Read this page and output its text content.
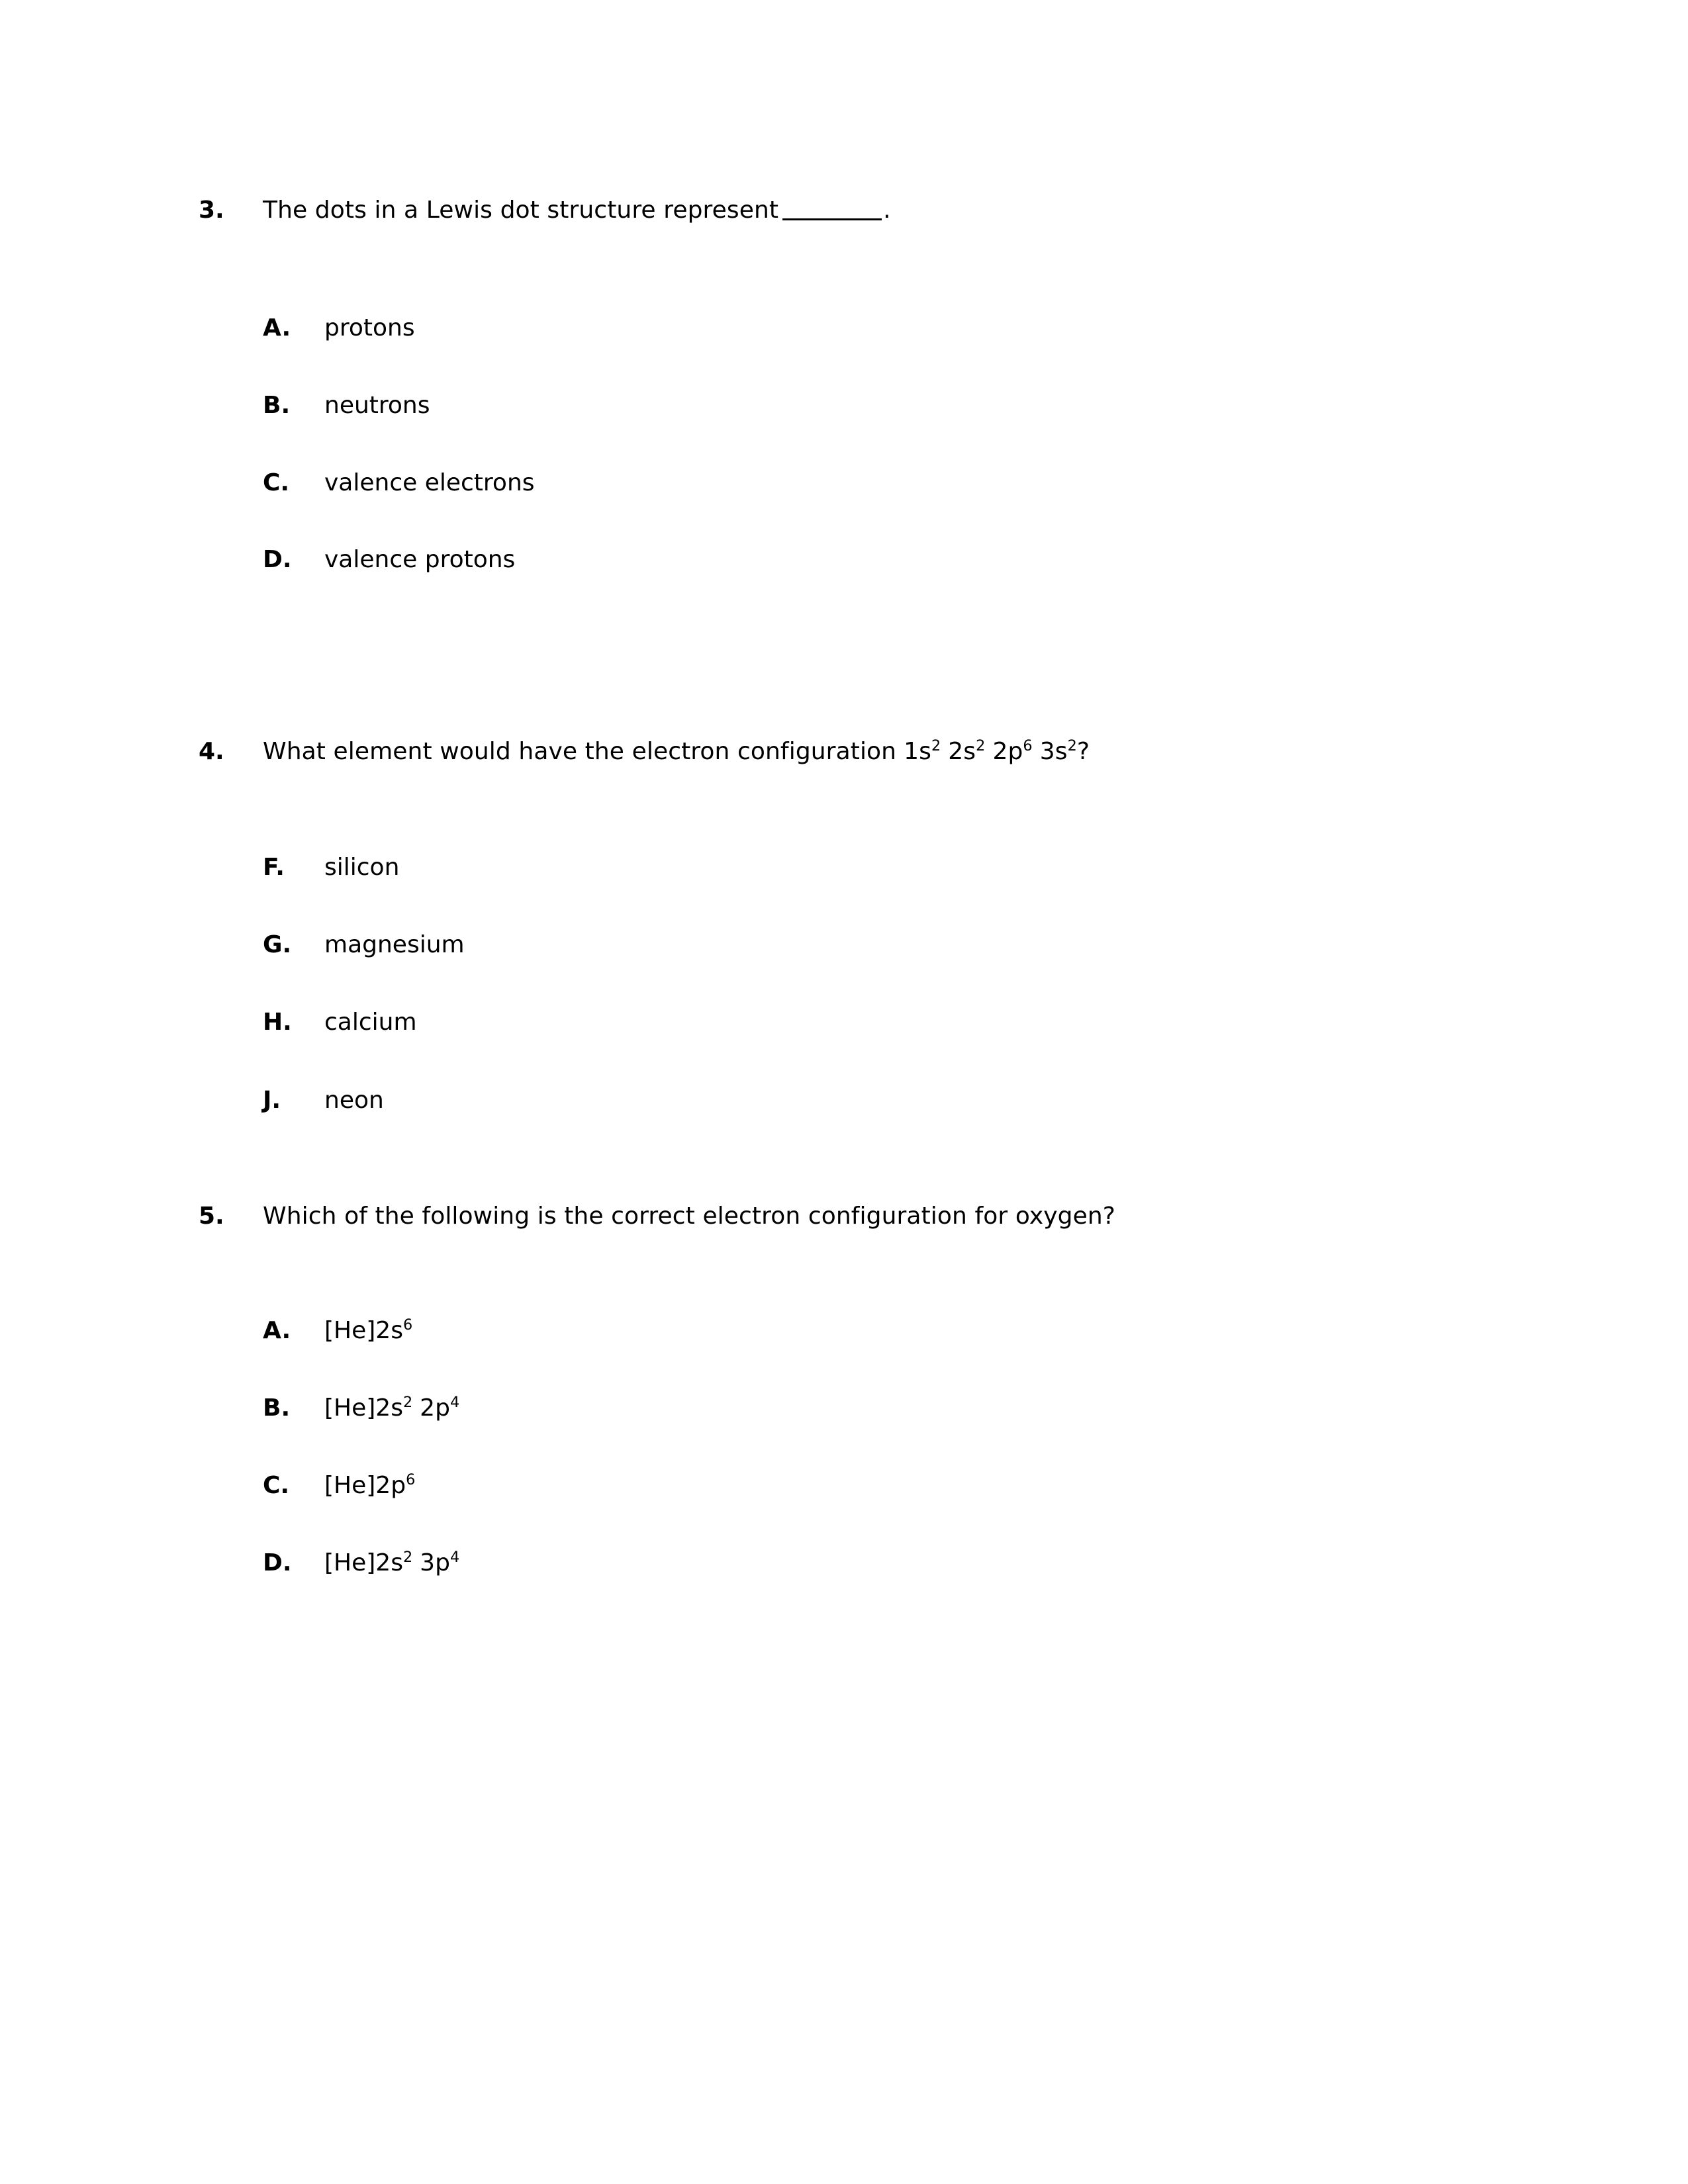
3.	The dots in a Lewis dot structure represent	.
A.	protons
B.	neutrons
C.	valence electrons
D.	valence protons
4.	What element would have the electron configuration $1s^2$ $2s^2$ $2p^6$ $3s^2$?
F.	silicon
G.	magnesium
H.	calcium
J.	neon
5.	Which of the following is the correct electron configuration for oxygen?
A.	$[He]2s^6$
B.	$[He]2s^2$ $2p^4$
C.	$[He]2p^6$
D.	$[He]2s^2$ $3p^4$
